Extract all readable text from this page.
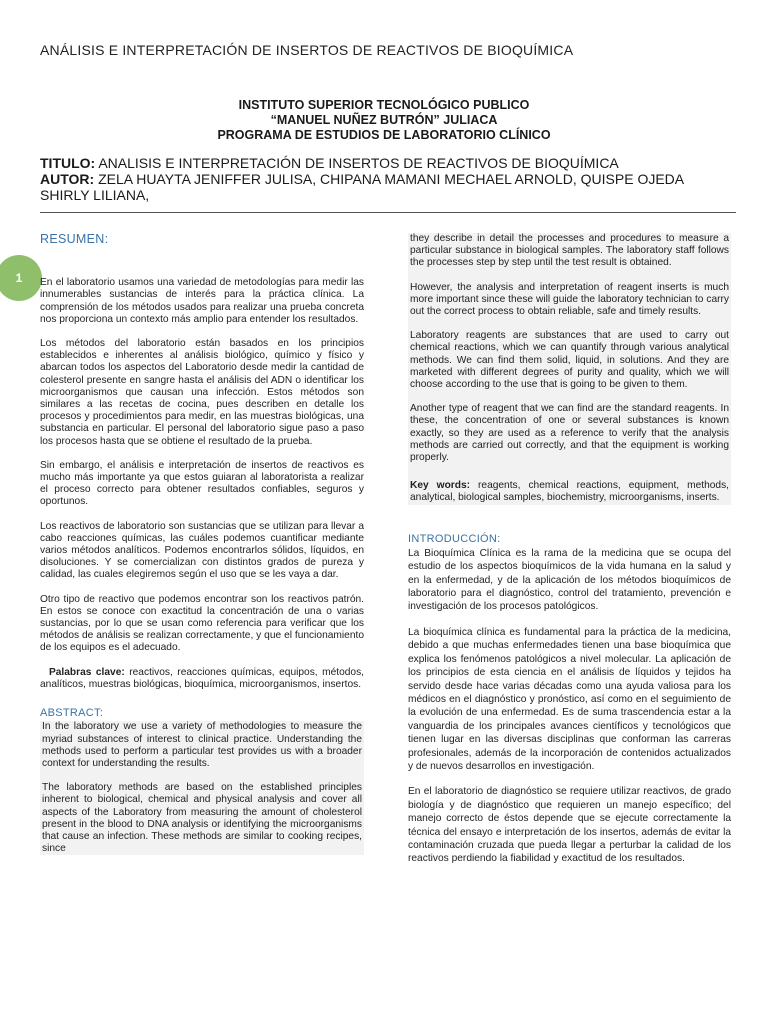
ANÁLISIS E INTERPRETACIÓN DE INSERTOS DE REACTIVOS DE BIOQUÍMICA
INSTITUTO SUPERIOR TECNOLÓGICO PUBLICO
“MANUEL NUÑEZ BUTRÓN” JULIACA
PROGRAMA DE ESTUDIOS DE LABORATORIO CLÍNICO
TITULO: ANALISIS E INTERPRETACIÓN DE INSERTOS DE REACTIVOS DE BIOQUÍMICA
AUTOR: ZELA HUAYTA JENIFFER JULISA, CHIPANA MAMANI MECHAEL ARNOLD, QUISPE OJEDA SHIRLY LILIANA,
1
RESUMEN:

En el laboratorio usamos una variedad de metodologías para medir las innumerables sustancias de interés para la práctica clínica. La comprensión de los métodos usados para realizar una prueba concreta nos proporciona un contexto más amplio para entender los resultados.

Los métodos del laboratorio están basados en los principios establecidos e inherentes al análisis biológico, químico y físico y abarcan todos los aspectos del Laboratorio desde medir la cantidad de colesterol presente en sangre hasta el análisis del ADN o identificar los microorganismos que causan una infección. Estos métodos son similares a las recetas de cocina, pues describen en detalle los procesos y procedimientos para medir, en las muestras biológicas, una substancia en particular. El personal del laboratorio sigue paso a paso los procesos hasta que se obtiene el resultado de la prueba.

Sin embargo, el análisis e interpretación de insertos de reactivos es mucho más importante ya que estos guiaran al laboratorista a realizar el proceso correcto para obtener resultados confiables, seguros y oportunos.

Los reactivos de laboratorio son sustancias que se utilizan para llevar a cabo reacciones químicas, las cuáles podemos cuantificar mediante varios métodos analíticos. Podemos encontrarlos sólidos, líquidos, en disoluciones. Y se comercializan con distintos grados de pureza y calidad, las cuales elegiremos según el uso que se les vaya a dar.

Otro tipo de reactivo que podemos encontrar son los reactivos patrón. En estos se conoce con exactitud la concentración de una o varias sustancias, por lo que se usan como referencia para verificar que los métodos de análisis se realizan correctamente, y que el funcionamiento de los equipos es el adecuado.

Palabras clave: reactivos, reacciones químicas, equipos, métodos, analíticos, muestras biológicas, bioquímica, microorganismos, insertos.

ABSTRACT:

In the laboratory we use a variety of methodologies to measure the myriad substances of interest to clinical practice. Understanding the methods used to perform a particular test provides us with a broader context for understanding the results.

The laboratory methods are based on the established principles inherent to biological, chemical and physical analysis and cover all aspects of the Laboratory from measuring the amount of cholesterol present in the blood to DNA analysis or identifying the microorganisms that cause an infection. These methods are similar to cooking recipes, since

they describe in detail the processes and procedures to measure a particular substance in biological samples. The laboratory staff follows the processes step by step until the test result is obtained.

However, the analysis and interpretation of reagent inserts is much more important since these will guide the laboratory technician to carry out the correct process to obtain reliable, safe and timely results.

Laboratory reagents are substances that are used to carry out chemical reactions, which we can quantify through various analytical methods. We can find them solid, liquid, in solutions. And they are marketed with different degrees of purity and quality, which we will choose according to the use that is going to be given to them.

Another type of reagent that we can find are the standard reagents. In these, the concentration of one or several substances is known exactly, so they are used as a reference to verify that the analysis methods are carried out correctly, and that the equipment is working properly.

Key words: reagents, chemical reactions, equipment, methods, analytical, biological samples, biochemistry, microorganisms, inserts.

INTRODUCCIÓN:

La Bioquímica Clínica es la rama de la medicina que se ocupa del estudio de los aspectos bioquímicos de la vida humana en la salud y en la enfermedad, y de la aplicación de los métodos bioquímicos de laboratorio para el diagnóstico, control del tratamiento, prevención e investigación de los procesos patológicos.

La bioquímica clínica es fundamental para la práctica de la medicina, debido a que muchas enfermedades tienen una base bioquímica que explica los fenómenos patológicos a nivel molecular. La aplicación de los principios de esta ciencia en el análisis de líquidos y tejidos ha servido desde hace varias décadas como una ayuda valiosa para los médicos en el diagnóstico y pronóstico, así como en el seguimiento de la evolución de una enfermedad. Es de suma trascendencia estar a la vanguardia de los principales avances científicos y tecnológicos que tienen lugar en las diversas disciplinas que conforman las carreras profesionales, además de la incorporación de contenidos actualizados y de nuevos desarrollos en investigación.

En el laboratorio de diagnóstico se requiere utilizar reactivos, de grado biología y de diagnóstico que requieren un manejo específico; del manejo correcto de éstos depende que se ejecute correctamente la técnica del ensayo e interpretación de los insertos, además de evitar la contaminación cruzada que pueda llegar a perturbar la calidad de los reactivos perdiendo la fiabilidad y exactitud de los resultados.
